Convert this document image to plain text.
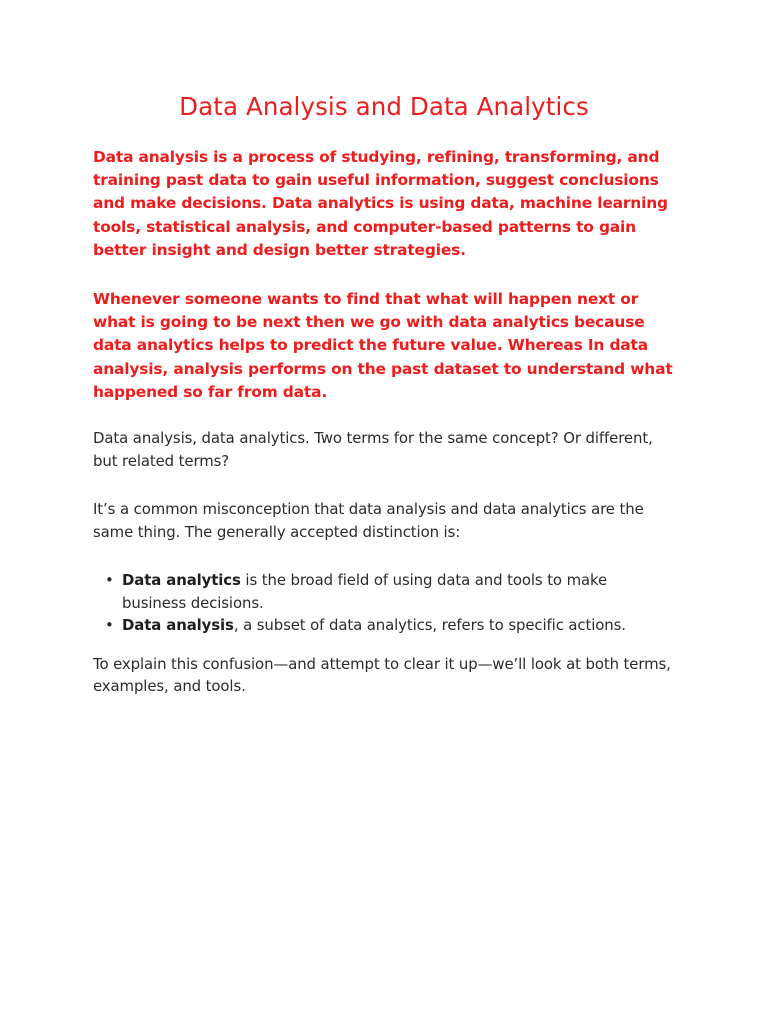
Data Analysis and Data Analytics

Data analysis is a process of studying, refining, transforming, and training past data to gain useful information, suggest conclusions and make decisions. Data analytics is using data, machine learning tools, statistical analysis, and computer-based patterns to gain better insight and design better strategies.

Whenever someone wants to find that what will happen next or what is going to be next then we go with data analytics because data analytics helps to predict the future value. Whereas In data analysis, analysis performs on the past dataset to understand what happened so far from data.

Data analysis, data analytics. Two terms for the same concept? Or different, but related terms?

It’s a common misconception that data analysis and data analytics are the same thing. The generally accepted distinction is:

• Data analytics is the broad field of using data and tools to make business decisions.
• Data analysis, a subset of data analytics, refers to specific actions.

To explain this confusion—and attempt to clear it up—we’ll look at both terms, examples, and tools.
